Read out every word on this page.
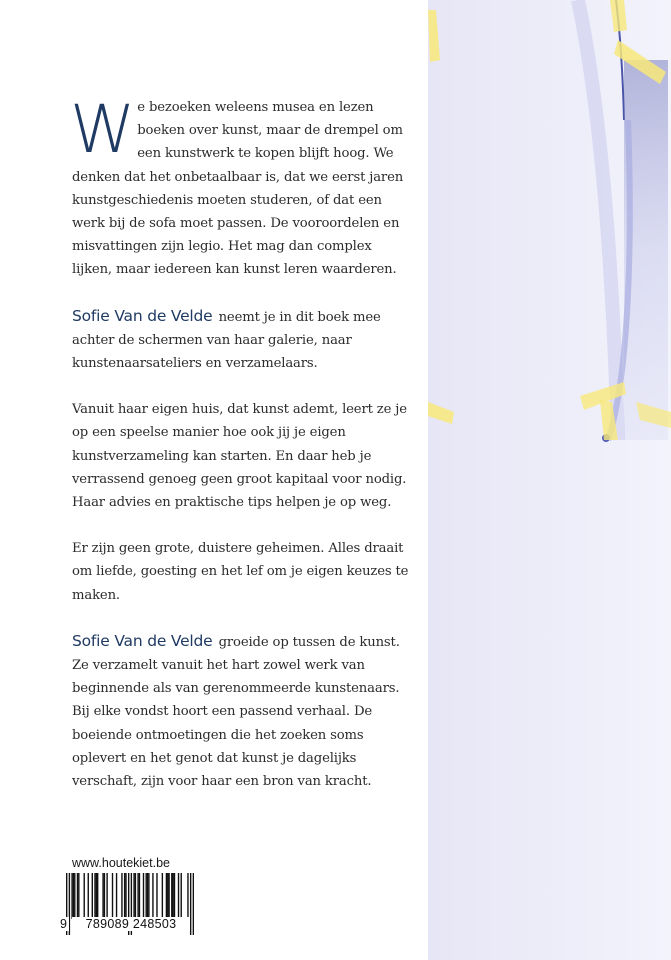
We bezoeken weleens musea en lezen boeken over kunst, maar de drempel om een kunstwerk te kopen blijft hoog. We denken dat het onbetaalbaar is, dat we eerst jaren kunstgeschiedenis moeten studeren, of dat een werk bij de sofa moet passen. De vooroordelen en misvattingen zijn legio. Het mag dan complex lijken, maar iedereen kan kunst leren waarderen.

Sofie Van de Velde neemt je in dit boek mee achter de schermen van haar galerie, naar kunstenaarsateliers en verzamelaars.

Vanuit haar eigen huis, dat kunst ademt, leert ze je op een speelse manier hoe ook jij je eigen kunstverzameling kan starten. En daar heb je verrassend genoeg geen groot kapitaal voor nodig. Haar advies en praktische tips helpen je op weg.

Er zijn geen grote, duistere geheimen. Alles draait om liefde, goesting en het lef om je eigen keuzes te maken.

Sofie Van de Velde groeide op tussen de kunst. Ze verzamelt vanuit het hart zowel werk van beginnende als van gerenommeerde kunstenaars. Bij elke vondst hoort een passend verhaal. De boeiende ontmoetingen die het zoeken soms oplevert en het genot dat kunst je dagelijks verschaft, zijn voor haar een bron van kracht.

www.houtekiet.be
9	789089 248503
